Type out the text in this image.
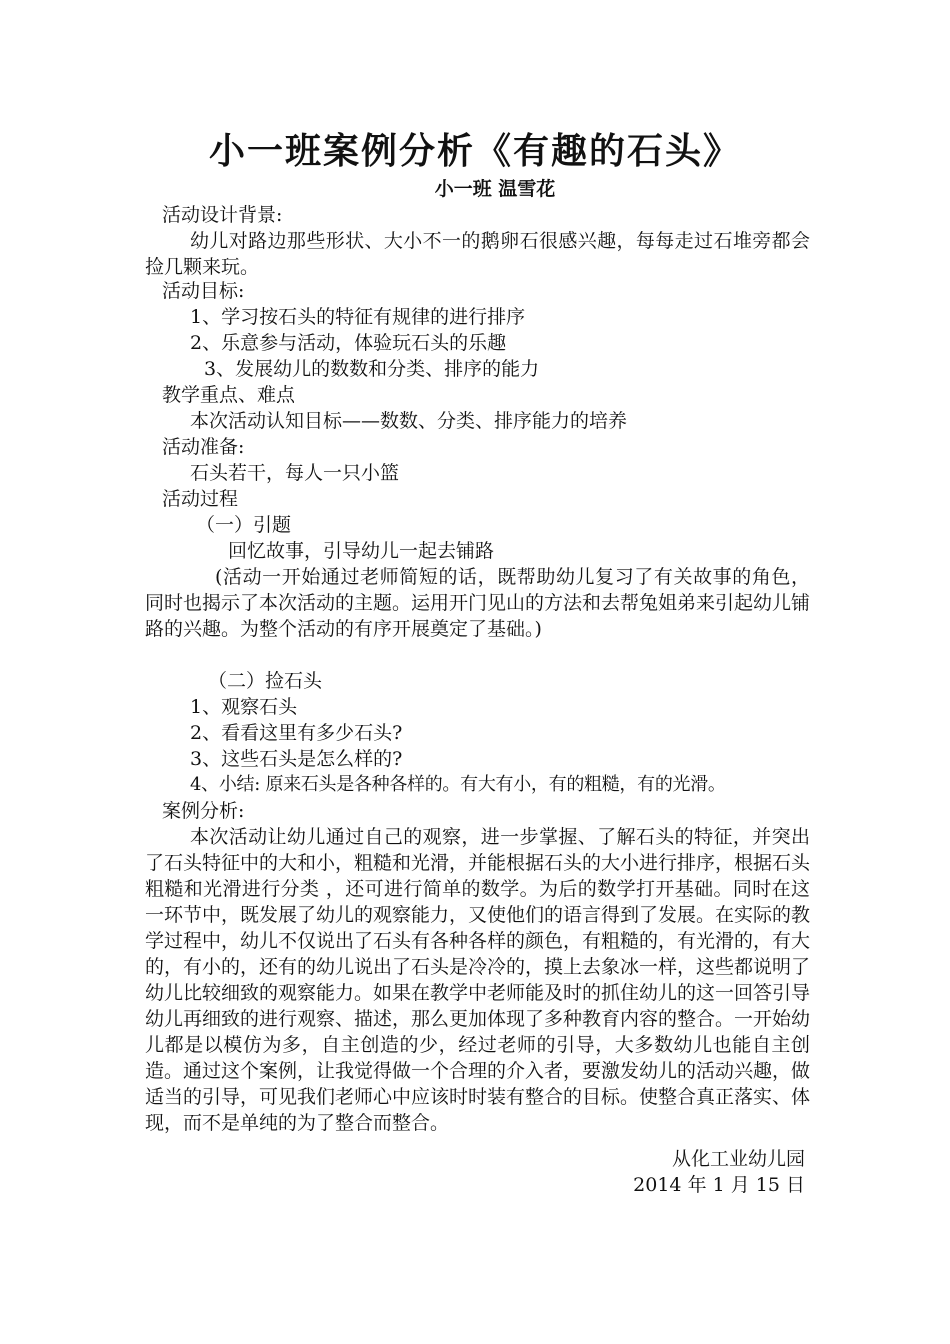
小一班案例分析《有趣的石头》
小一班 温雪花
活动设计背景:

幼儿对路边那些形状、大小不一的鹅卵石很感兴趣，每每走过石堆旁都会捡几颗来玩。

活动目标:
1、学习按石头的特征有规律的进行排序
2、乐意参与活动，体验玩石头的乐趣
3、发展幼儿的数数和分类、排序的能力
教学重点、难点
本次活动认知目标——数数、分类、排序能力的培养
活动准备:
石头若干，每人一只小篮
活动过程
（一）引题
回忆故事，引导幼儿一起去铺路

(活动一开始通过老师简短的话，既帮助幼儿复习了有关故事的角色，同时也揭示了本次活动的主题。运用开门见山的方法和去帮兔姐弟来引起幼儿铺路的兴趣。为整个活动的有序开展奠定了基础。)

（二）捡石头
1、观察石头
2、看看这里有多少石头?
3、这些石头是怎么样的?
4、小结: 原来石头是各种各样的。有大有小，有的粗糙，有的光滑。
案例分析:

本次活动让幼儿通过自己的观察，进一步掌握、了解石头的特征，并突出了石头特征中的大和小，粗糙和光滑，并能根据石头的大小进行排序，根据石头粗糙和光滑进行分类 ，还可进行简单的数学。为后的数学打开基础。同时在这一环节中，既发展了幼儿的观察能力，又使他们的语言得到了发展。在实际的教学过程中，幼儿不仅说出了石头有各种各样的颜色，有粗糙的，有光滑的，有大的，有小的，还有的幼儿说出了石头是冷冷的，摸上去象冰一样，这些都说明了幼儿比较细致的观察能力。如果在教学中老师能及时的抓住幼儿的这一回答引导幼儿再细致的进行观察、描述，那么更加体现了多种教育内容的整合。一开始幼儿都是以模仿为多，自主创造的少，经过老师的引导，大多数幼儿也能自主创造。通过这个案例，让我觉得做一个合理的介入者，要激发幼儿的活动兴趣，做适当的引导，可见我们老师心中应该时时装有整合的目标。使整合真正落实、体现，而不是单纯的为了整合而整合。

从化工业幼儿园
2014 年 1 月 15 日
